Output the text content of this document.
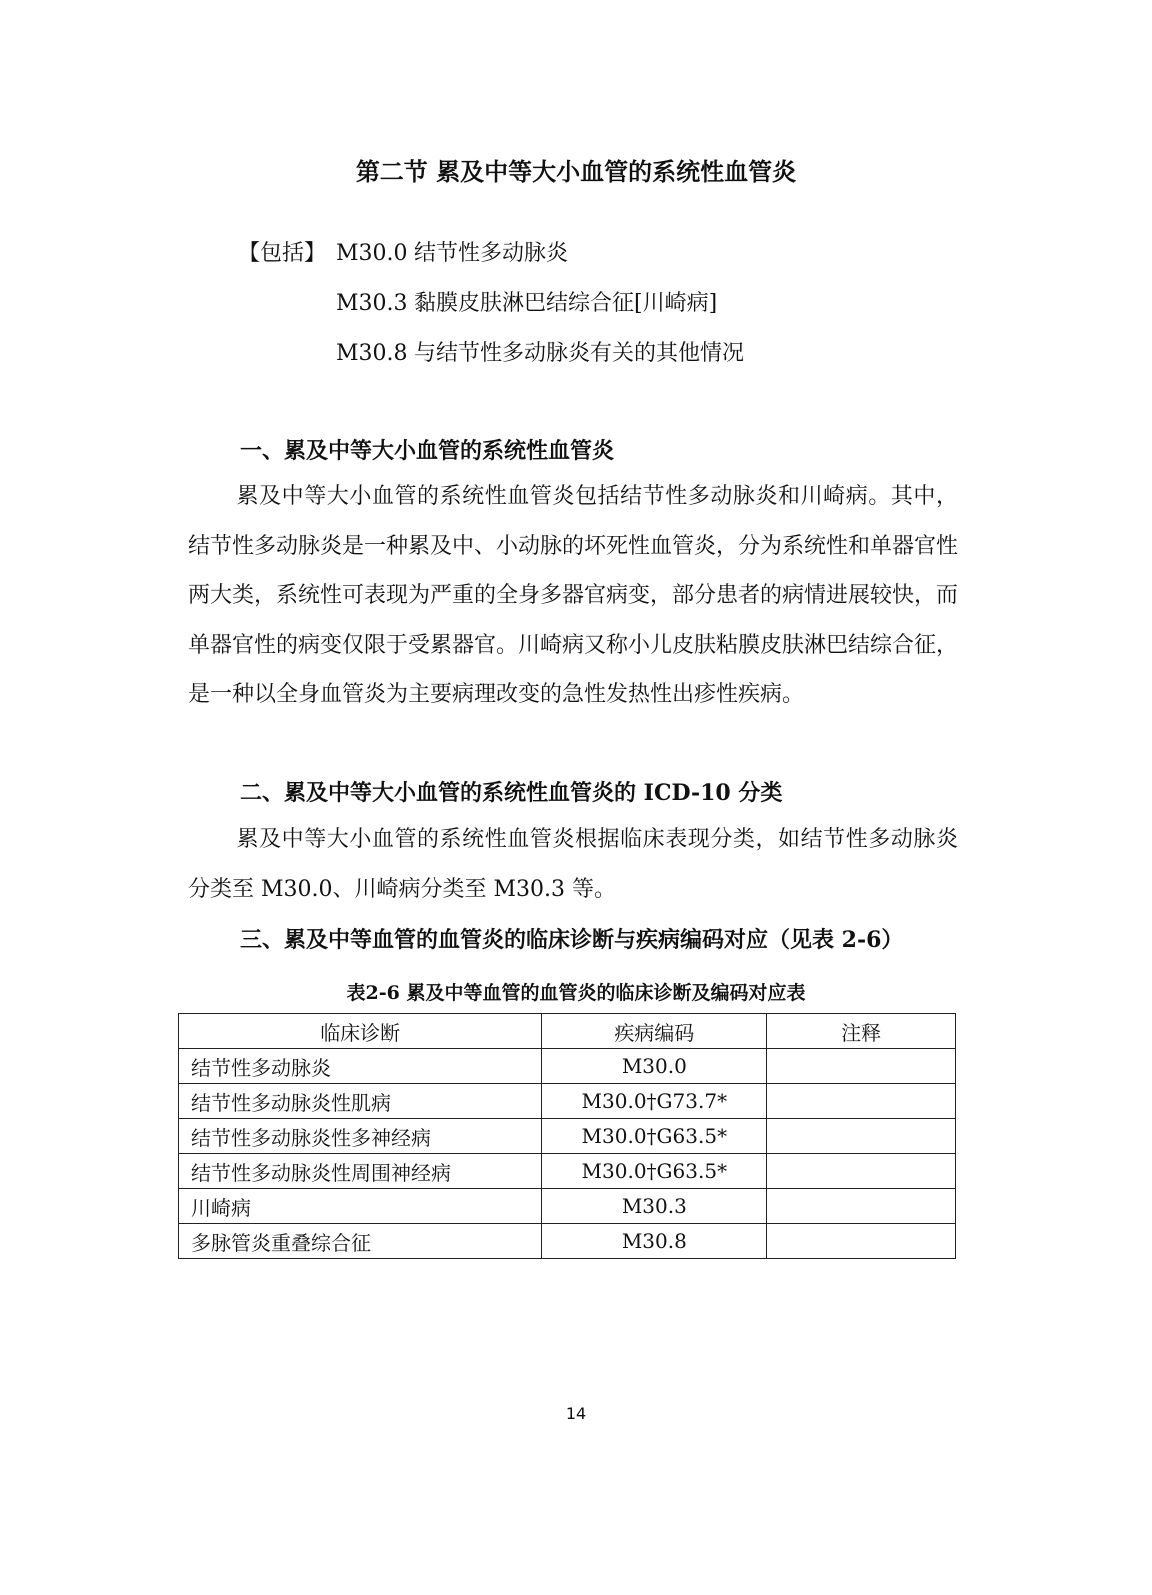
第二节 累及中等大小血管的系统性血管炎
【包括】 M30.0 结节性多动脉炎
M30.3 黏膜皮肤淋巴结综合征[川崎病]
M30.8 与结节性多动脉炎有关的其他情况
一、累及中等大小血管的系统性血管炎
累及中等大小血管的系统性血管炎包括结节性多动脉炎和川崎病。其中，结节性多动脉炎是一种累及中、小动脉的坏死性血管炎，分为系统性和单器官性两大类，系统性可表现为严重的全身多器官病变，部分患者的病情进展较快，而单器官性的病变仅限于受累器官。川崎病又称小儿皮肤粘膜皮肤淋巴结综合征，是一种以全身血管炎为主要病理改变的急性发热性出疹性疾病。
二、累及中等大小血管的系统性血管炎的 ICD-10 分类
累及中等大小血管的系统性血管炎根据临床表现分类，如结节性多动脉炎分类至 M30.0、川崎病分类至 M30.3 等。
三、累及中等血管的血管炎的临床诊断与疾病编码对应（见表 2-6）
表2-6 累及中等血管的血管炎的临床诊断及编码对应表
临床诊断	疾病编码	注释
结节性多动脉炎	M30.0	
结节性多动脉炎性肌病	M30.0†G73.7*	
结节性多动脉炎性多神经病	M30.0†G63.5*	
结节性多动脉炎性周围神经病	M30.0†G63.5*	
川崎病	M30.3	
多脉管炎重叠综合征	M30.8	
14
